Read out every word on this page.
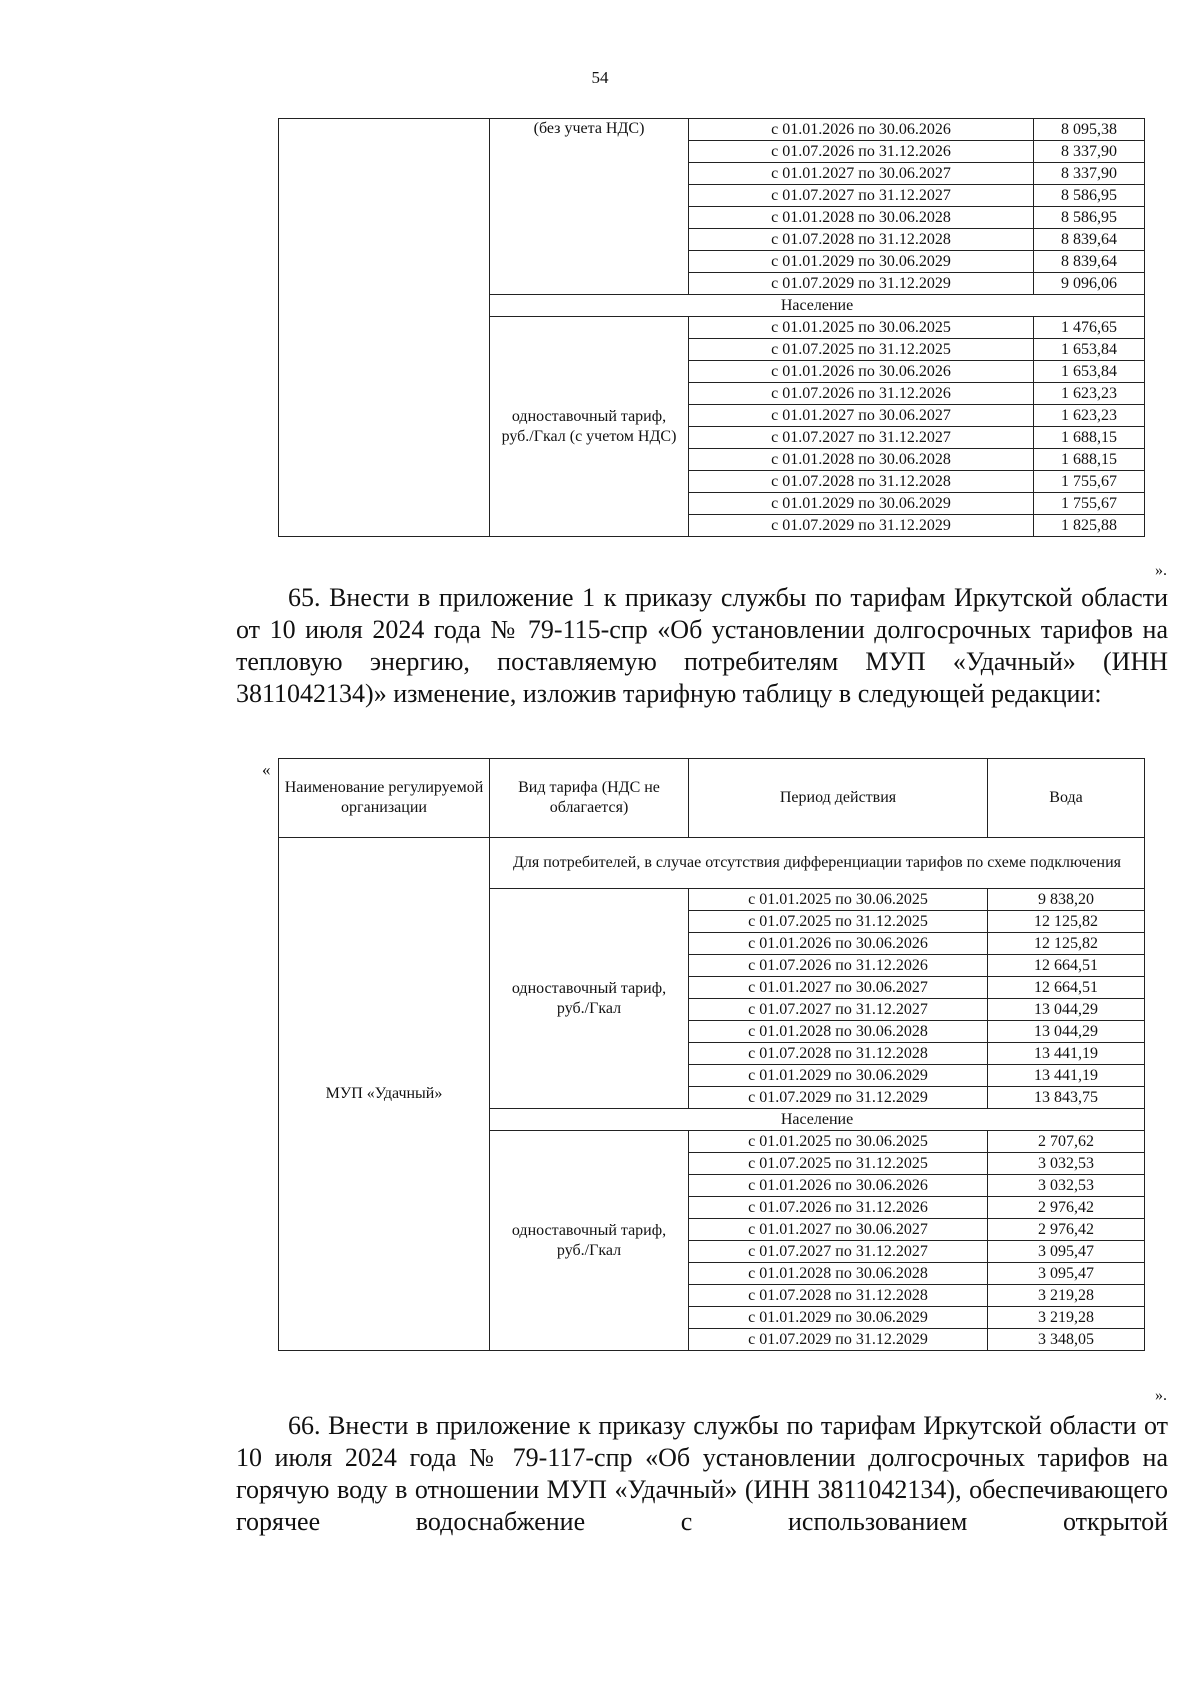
54
	(без учета НДС)	с 01.01.2026 по 30.06.2026	8 095,38
		с 01.07.2026 по 31.12.2026	8 337,90
		с 01.01.2027 по 30.06.2027	8 337,90
		с 01.07.2027 по 31.12.2027	8 586,95
		с 01.01.2028 по 30.06.2028	8 586,95
		с 01.07.2028 по 31.12.2028	8 839,64
		с 01.01.2029 по 30.06.2029	8 839,64
		с 01.07.2029 по 31.12.2029	9 096,06
	Население		
	одноставочный тариф, руб./Гкал (с учетом НДС)	с 01.01.2025 по 30.06.2025	1 476,65
		с 01.07.2025 по 31.12.2025	1 653,84
		с 01.01.2026 по 30.06.2026	1 653,84
		с 01.07.2026 по 31.12.2026	1 623,23
		с 01.01.2027 по 30.06.2027	1 623,23
		с 01.07.2027 по 31.12.2027	1 688,15
		с 01.01.2028 по 30.06.2028	1 688,15
		с 01.07.2028 по 31.12.2028	1 755,67
		с 01.01.2029 по 30.06.2029	1 755,67
		с 01.07.2029 по 31.12.2029	1 825,88
».

65. Внести в приложение 1 к приказу службы по тарифам Иркутской области от 10 июля 2024 года № 79-115-спр «Об установлении долгосрочных тарифов на тепловую энергию, поставляемую потребителям МУП «Удачный» (ИНН 3811042134)» изменение, изложив тарифную таблицу в следующей редакции:

«
Наименование регулируемой организации	Вид тарифа (НДС не облагается)	Период действия	Вода
МУП «Удачный»	Для потребителей, в случае отсутствия дифференциации тарифов по схеме подключения		
	одноставочный тариф, руб./Гкал	с 01.01.2025 по 30.06.2025	9 838,20
		с 01.07.2025 по 31.12.2025	12 125,82
		с 01.01.2026 по 30.06.2026	12 125,82
		с 01.07.2026 по 31.12.2026	12 664,51
		с 01.01.2027 по 30.06.2027	12 664,51
		с 01.07.2027 по 31.12.2027	13 044,29
		с 01.01.2028 по 30.06.2028	13 044,29
		с 01.07.2028 по 31.12.2028	13 441,19
		с 01.01.2029 по 30.06.2029	13 441,19
		с 01.07.2029 по 31.12.2029	13 843,75
	Население		
	одноставочный тариф, руб./Гкал	с 01.01.2025 по 30.06.2025	2 707,62
		с 01.07.2025 по 31.12.2025	3 032,53
		с 01.01.2026 по 30.06.2026	3 032,53
		с 01.07.2026 по 31.12.2026	2 976,42
		с 01.01.2027 по 30.06.2027	2 976,42
		с 01.07.2027 по 31.12.2027	3 095,47
		с 01.01.2028 по 30.06.2028	3 095,47
		с 01.07.2028 по 31.12.2028	3 219,28
		с 01.01.2029 по 30.06.2029	3 219,28
		с 01.07.2029 по 31.12.2029	3 348,05
».

66. Внести в приложение к приказу службы по тарифам Иркутской области от 10 июля 2024 года № 79-117-спр «Об установлении долгосрочных тарифов на горячую воду в отношении МУП «Удачный» (ИНН 3811042134), обеспечивающего горячее водоснабжение с использованием открытой
